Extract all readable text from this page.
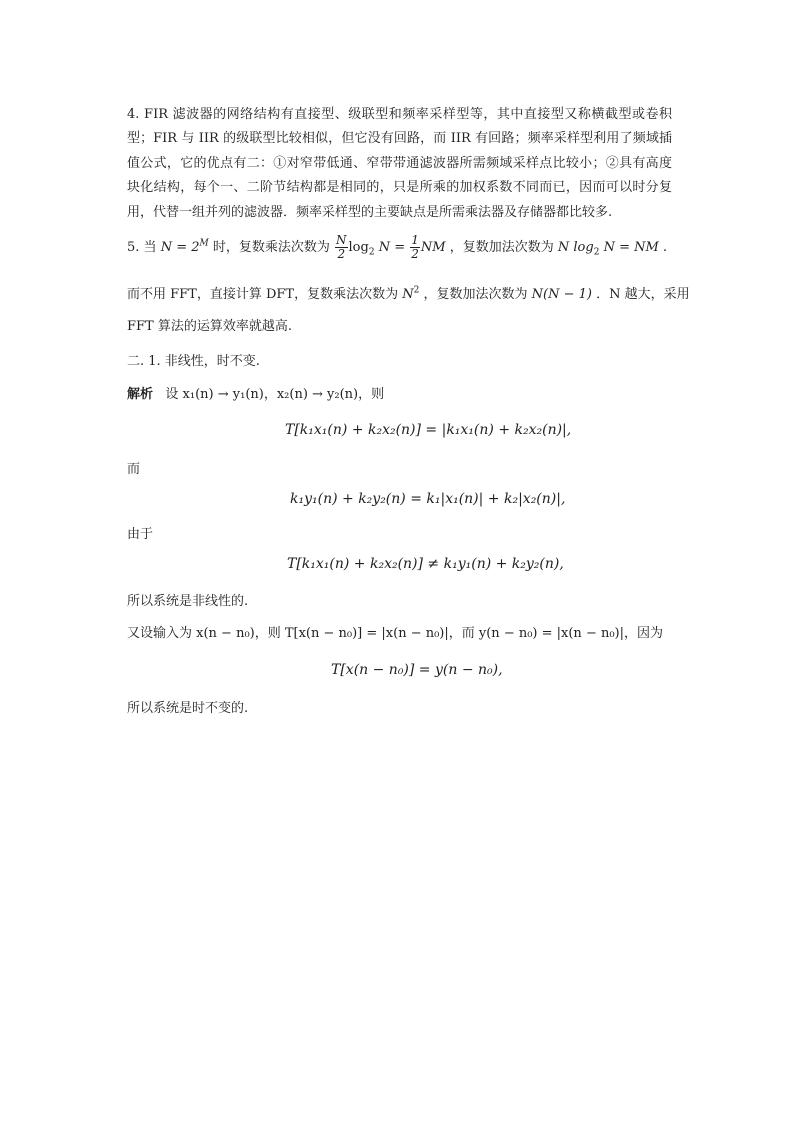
4. FIR 滤波器的网络结构有直接型、级联型和频率采样型等，其中直接型又称横截型或卷积型；FIR 与 IIR 的级联型比较相似，但它没有回路，而 IIR 有回路；频率采样型利用了频域插值公式，它的优点有二：①对窄带低通、窄带带通滤波器所需频域采样点比较小；②具有高度块化结构，每个一、二阶节结构都是相同的，只是所乘的加权系数不同而已，因而可以时分复用，代替一组并列的滤波器．频率采样型的主要缺点是所需乘法器及存储器都比较多.
5. 当 $N = 2^M$ 时，复数乘法次数为 $\frac{N}{2} \log_2 N = \frac{1}{2}$ NM ，复数加法次数为 N $\log_2 N$ = NM .
而不用 FFT，直接计算 DFT，复数乘法次数为 $N^2$ ，复数加法次数为 N(N − 1) ．N 越大，采用
FFT 算法的运算效率就越高.
二. 1. 非线性，时不变.
解析 设 x₁(n) → y₁(n)，x₂(n) → y₂(n)，则
T[k₁x₁(n) + k₂x₂(n)] = |k₁x₁(n) + k₂x₂(n)|,
而
k₁y₁(n) + k₂y₂(n) = k₁|x₁(n)| + k₂|x₂(n)|,
由于
T[k₁x₁(n) + k₂x₂(n)] ≠ k₁y₁(n) + k₂y₂(n),
所以系统是非线性的.
又设输入为 x(n − n₀)，则 T[x(n − n₀)] = |x(n − n₀)|，而 y(n − n₀) = |x(n − n₀)|，因为
T[x(n − n₀)] = y(n − n₀),
所以系统是时不变的.
